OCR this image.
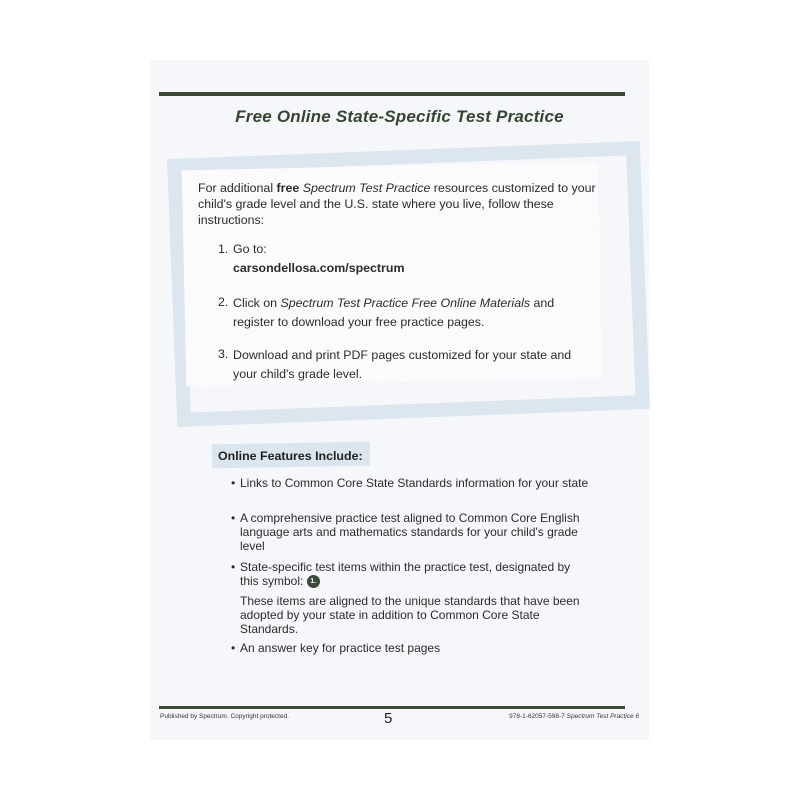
Free Online State-Specific Test Practice
For additional free Spectrum Test Practice resources customized to your child's grade level and the U.S. state where you live, follow these instructions:
1. Go to:
carsondellosa.com/spectrum
2. Click on Spectrum Test Practice Free Online Materials and register to download your free practice pages.
3. Download and print PDF pages customized for your state and your child's grade level.
Online Features Include:
• Links to Common Core State Standards information for your state
• A comprehensive practice test aligned to Common Core English language arts and mathematics standards for your child's grade level
• State-specific test items within the practice test, designated by this symbol: 1.
These items are aligned to the unique standards that have been adopted by your state in addition to Common Core State Standards.
• An answer key for practice test pages
Published by Spectrum. Copyright protected.	5	978-1-62057-598-7 Spectrum Test Practice 6
